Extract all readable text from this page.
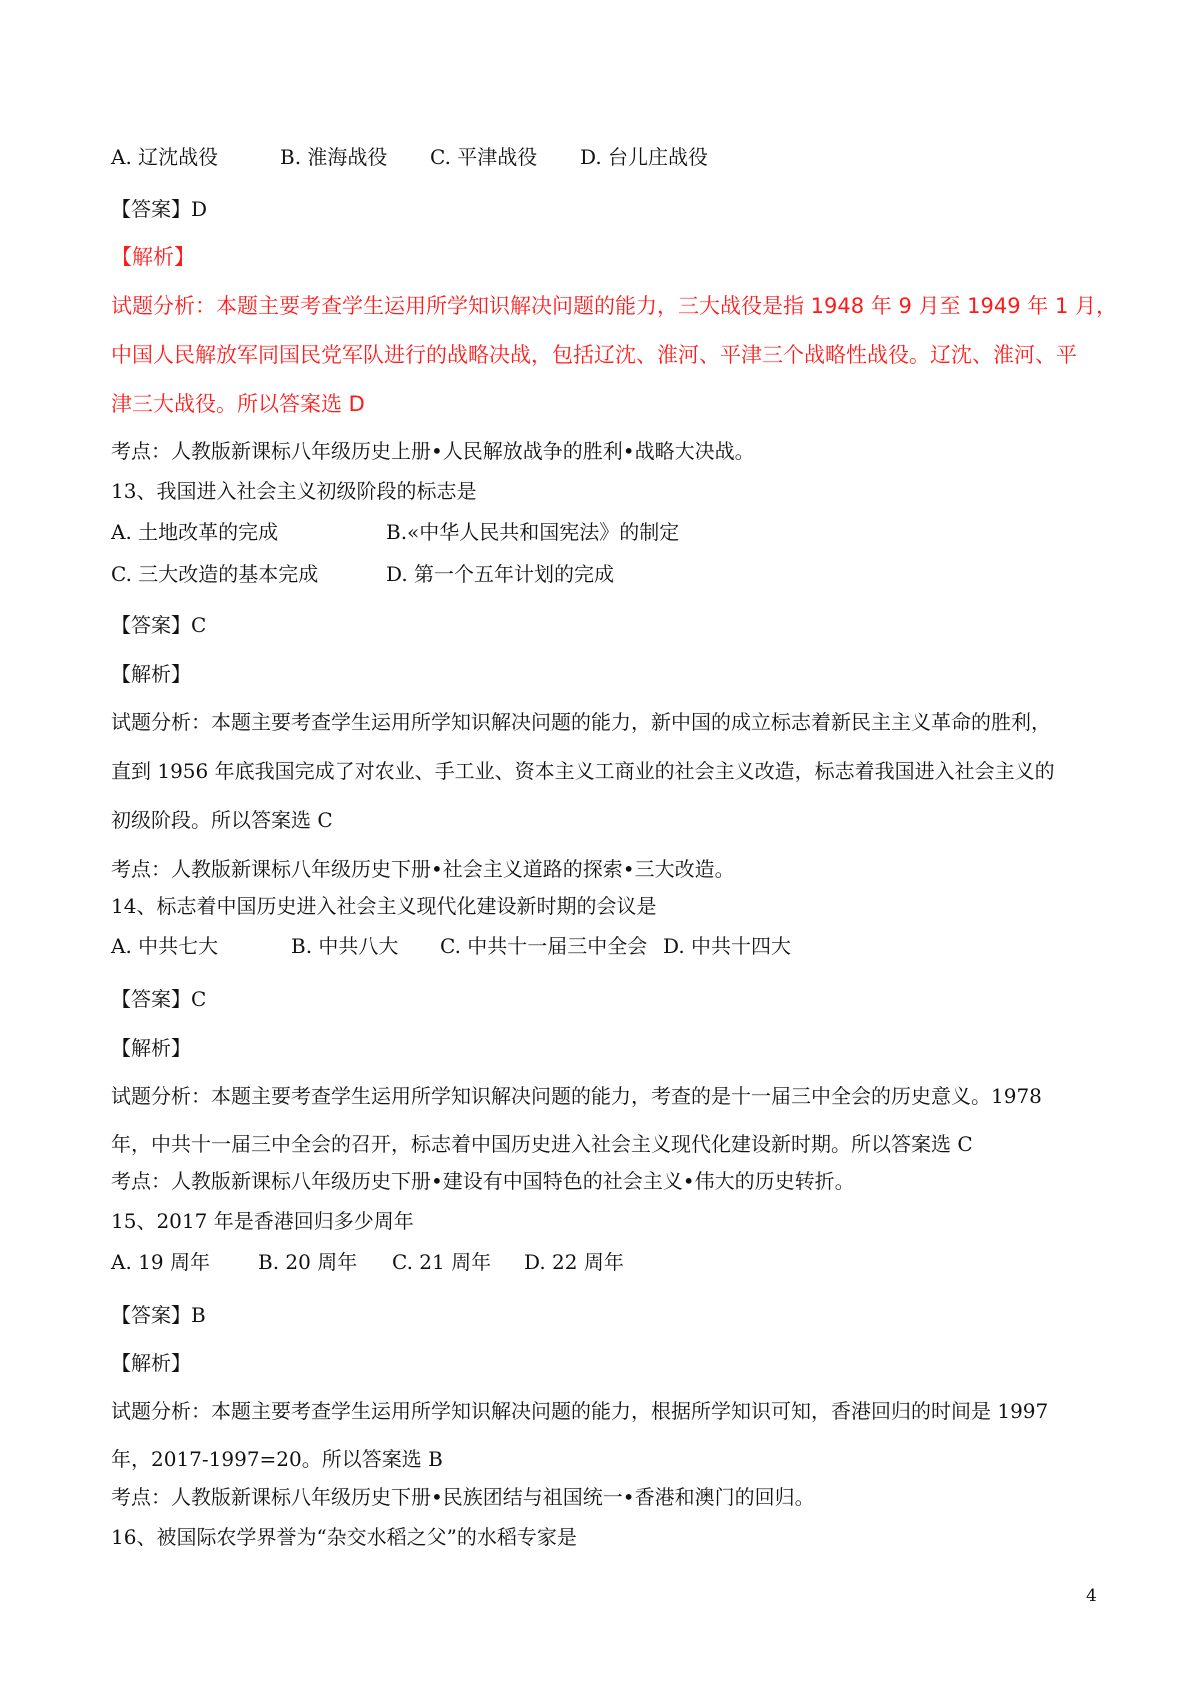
A. 辽沈战役	B. 淮海战役 C. 平津战役 D. 台儿庄战役
【答案】D
【解析】
试题分析：本题主要考查学生运用所学知识解决问题的能力，三大战役是指 1948 年 9 月至 1949 年 1 月，
中国人民解放军同国民党军队进行的战略决战，包括辽沈、淮河、平津三个战略性战役。辽沈、淮河、平
津三大战役。所以答案选 D
考点：人教版新课标八年级历史上册•人民解放战争的胜利•战略大决战。
13、我国进入社会主义初级阶段的标志是
A. 土地改革的完成	B.«中华人民共和国宪法》的制定
C. 三大改造的基本完成	D. 第一个五年计划的完成
【答案】C
【解析】
试题分析：本题主要考查学生运用所学知识解决问题的能力，新中国的成立标志着新民主主义革命的胜利，
直到 1956 年底我国完成了对农业、手工业、资本主义工商业的社会主义改造，标志着我国进入社会主义的
初级阶段。所以答案选 C
考点：人教版新课标八年级历史下册•社会主义道路的探索•三大改造。
14、标志着中国历史进入社会主义现代化建设新时期的会议是
A. 中共七大	B. 中共八大 C. 中共十一届三中全会 D. 中共十四大
【答案】C
【解析】
试题分析：本题主要考查学生运用所学知识解决问题的能力，考查的是十一届三中全会的历史意义。1978
年，中共十一届三中全会的召开，标志着中国历史进入社会主义现代化建设新时期。所以答案选 C
考点：人教版新课标八年级历史下册•建设有中国特色的社会主义•伟大的历史转折。
15、2017 年是香港回归多少周年
A. 19 周年 B. 20 周年 C. 21 周年 D. 22 周年
【答案】B
【解析】
试题分析：本题主要考查学生运用所学知识解决问题的能力，根据所学知识可知，香港回归的时间是 1997
年，2017-1997=20。所以答案选 B
考点：人教版新课标八年级历史下册•民族团结与祖国统一•香港和澳门的回归。
16、被国际农学界誉为“杂交水稻之父”的水稻专家是
4
